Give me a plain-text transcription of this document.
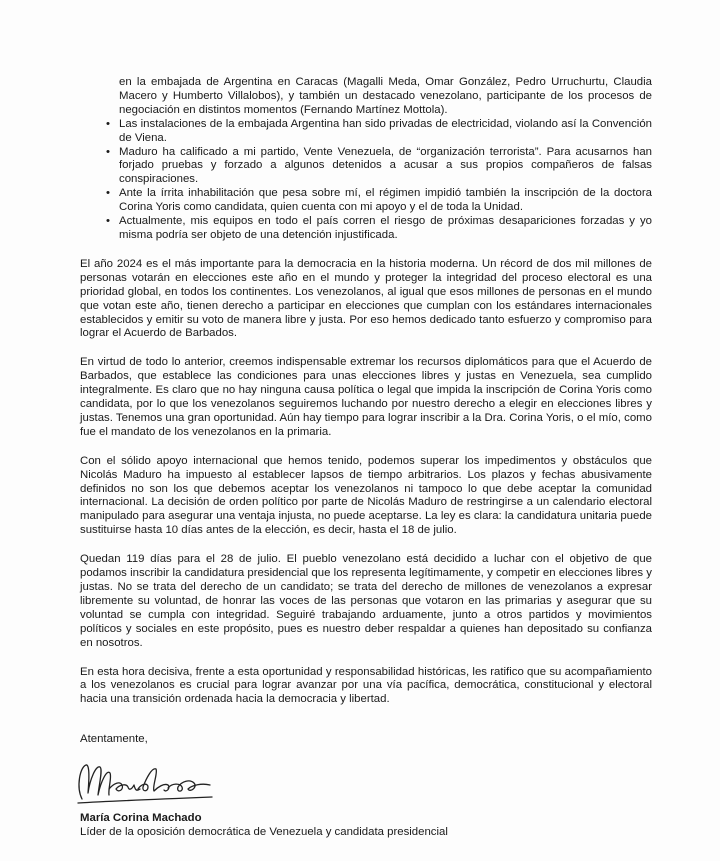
en la embajada de Argentina en Caracas (Magalli Meda, Omar González, Pedro Urruchurtu, Claudia Macero y Humberto Villalobos), y también un destacado venezolano, participante de los procesos de negociación en distintos momentos (Fernando Martínez Mottola).

• Las instalaciones de la embajada Argentina han sido privadas de electricidad, violando así la Convención de Viena.
• Maduro ha calificado a mi partido, Vente Venezuela, de “organización terrorista”. Para acusarnos han forjado pruebas y forzado a algunos detenidos a acusar a sus propios compañeros de falsas conspiraciones.
• Ante la írrita inhabilitación que pesa sobre mí, el régimen impidió también la inscripción de la doctora Corina Yoris como candidata, quien cuenta con mi apoyo y el de toda la Unidad.
• Actualmente, mis equipos en todo el país corren el riesgo de próximas desapariciones forzadas y yo misma podría ser objeto de una detención injustificada.

El año 2024 es el más importante para la democracia en la historia moderna. Un récord de dos mil millones de personas votarán en elecciones este año en el mundo y proteger la integridad del proceso electoral es una prioridad global, en todos los continentes. Los venezolanos, al igual que esos millones de personas en el mundo que votan este año, tienen derecho a participar en elecciones que cumplan con los estándares internacionales establecidos y emitir su voto de manera libre y justa. Por eso hemos dedicado tanto esfuerzo y compromiso para lograr el Acuerdo de Barbados.

En virtud de todo lo anterior, creemos indispensable extremar los recursos diplomáticos para que el Acuerdo de Barbados, que establece las condiciones para unas elecciones libres y justas en Venezuela, sea cumplido integralmente. Es claro que no hay ninguna causa política o legal que impida la inscripción de Corina Yoris como candidata, por lo que los venezolanos seguiremos luchando por nuestro derecho a elegir en elecciones libres y justas. Tenemos una gran oportunidad. Aún hay tiempo para lograr inscribir a la Dra. Corina Yoris, o el mío, como fue el mandato de los venezolanos en la primaria.

Con el sólido apoyo internacional que hemos tenido, podemos superar los impedimentos y obstáculos que Nicolás Maduro ha impuesto al establecer lapsos de tiempo arbitrarios. Los plazos y fechas abusivamente definidos no son los que debemos aceptar los venezolanos ni tampoco lo que debe aceptar la comunidad internacional. La decisión de orden político por parte de Nicolás Maduro de restringirse a un calendario electoral manipulado para asegurar una ventaja injusta, no puede aceptarse. La ley es clara: la candidatura unitaria puede sustituirse hasta 10 días antes de la elección, es decir, hasta el 18 de julio.

Quedan 119 días para el 28 de julio. El pueblo venezolano está decidido a luchar con el objetivo de que podamos inscribir la candidatura presidencial que los representa legítimamente, y competir en elecciones libres y justas. No se trata del derecho de un candidato; se trata del derecho de millones de venezolanos a expresar libremente su voluntad, de honrar las voces de las personas que votaron en las primarias y asegurar que su voluntad se cumpla con integridad. Seguiré trabajando arduamente, junto a otros partidos y movimientos políticos y sociales en este propósito, pues es nuestro deber respaldar a quienes han depositado su confianza en nosotros.

En esta hora decisiva, frente a esta oportunidad y responsabilidad históricas, les ratifico que su acompañamiento a los venezolanos es crucial para lograr avanzar por una vía pacífica, democrática, constitucional y electoral hacia una transición ordenada hacia la democracia y libertad.

Atentamente,

María Corina Machado

Líder de la oposición democrática de Venezuela y candidata presidencial
